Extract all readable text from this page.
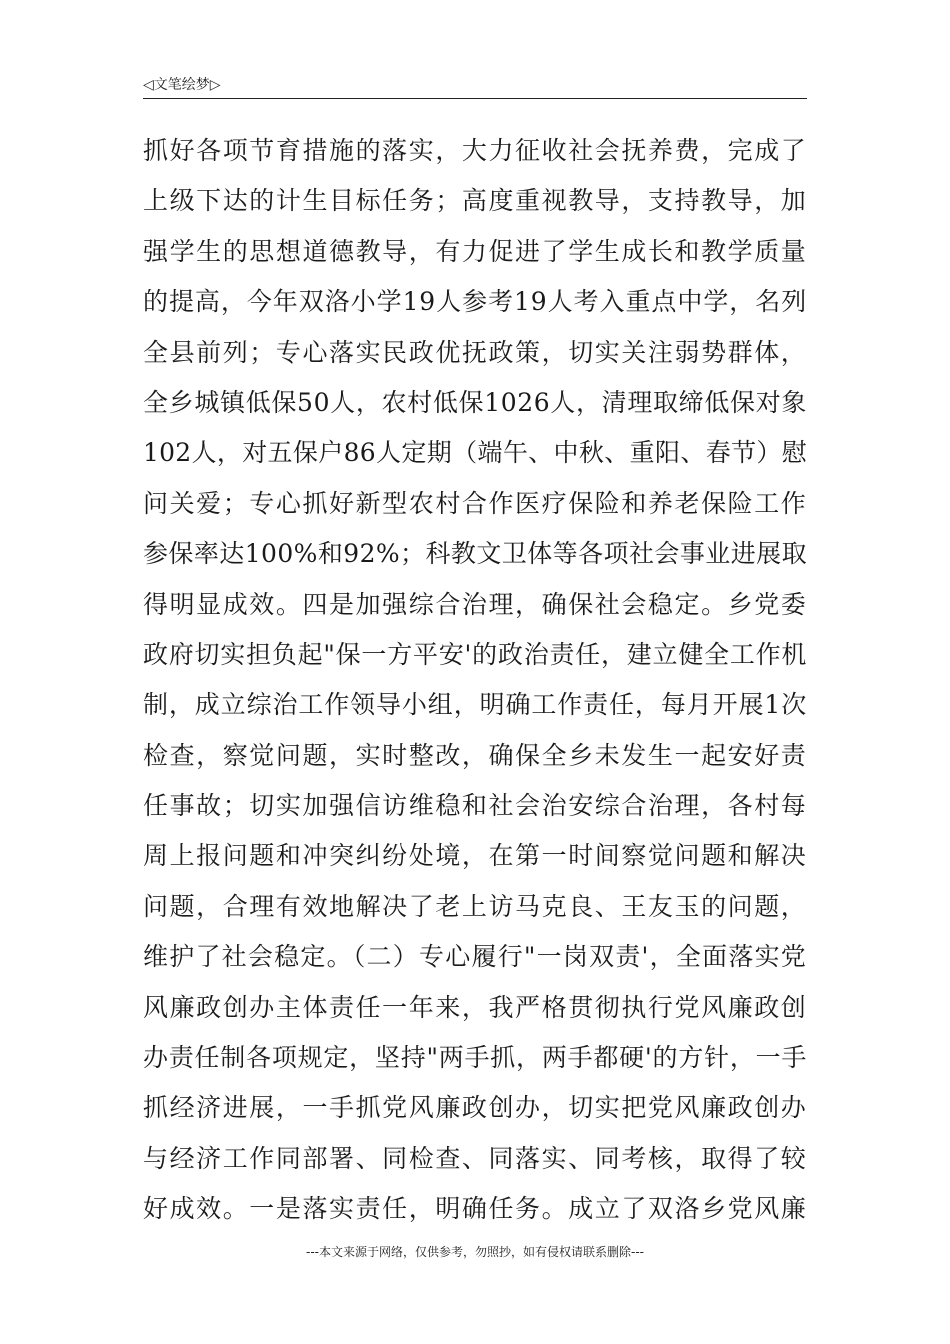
◁文笔绘梦▷
抓好各项节育措施的落实，大力征收社会抚养费，完成了
上级下达的计生目标任务；高度重视教导，支持教导，加
强学生的思想道德教导，有力促进了学生成长和教学质量
的提高，今年双洛小学19人参考19人考入重点中学，名列
全县前列；专心落实民政优抚政策，切实关注弱势群体，
全乡城镇低保50人，农村低保1026人，清理取缔低保对象
102人，对五保户86人定期（端午、中秋、重阳、春节）慰
问关爱；专心抓好新型农村合作医疗保险和养老保险工作
参保率达100%和92%；科教文卫体等各项社会事业进展取
得明显成效。四是加强综合治理，确保社会稳定。乡党委
政府切实担负起"保一方平安'的政治责任，建立健全工作机
制，成立综治工作领导小组，明确工作责任，每月开展1次
检查，察觉问题，实时整改，确保全乡未发生一起安好责
任事故；切实加强信访维稳和社会治安综合治理，各村每
周上报问题和冲突纠纷处境，在第一时间察觉问题和解决
问题，合理有效地解决了老上访马克良、王友玉的问题，
维护了社会稳定。（二）专心履行"一岗双责'，全面落实党
风廉政创办主体责任一年来，我严格贯彻执行党风廉政创
办责任制各项规定，坚持"两手抓，两手都硬'的方针，一手
抓经济进展，一手抓党风廉政创办，切实把党风廉政创办
与经济工作同部署、同检查、同落实、同考核，取得了较
好成效。一是落实责任，明确任务。成立了双洛乡党风廉
---本文来源于网络，仅供参考，勿照抄，如有侵权请联系删除---
